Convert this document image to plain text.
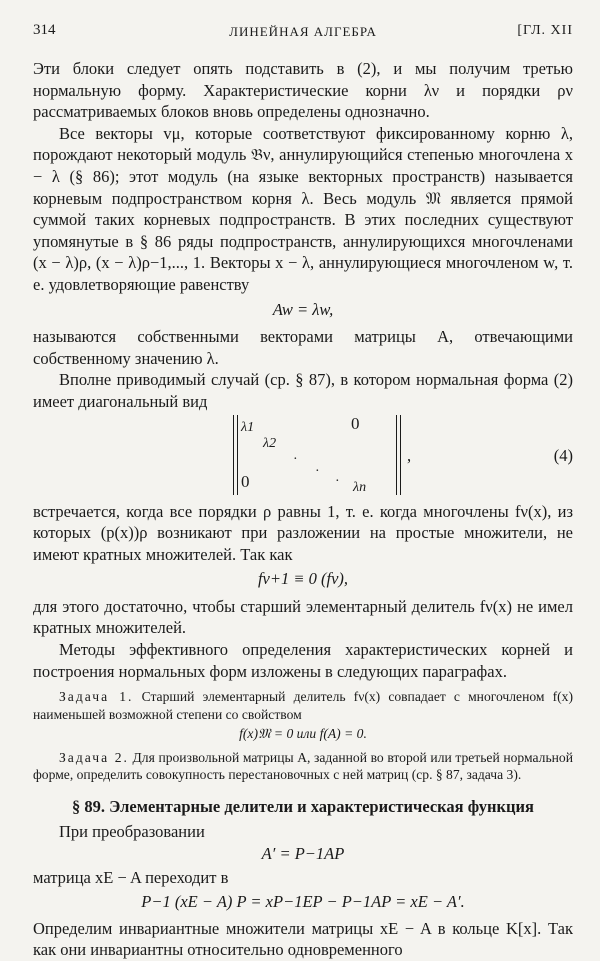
314	ЛИНЕЙНАЯ АЛГЕБРА	[ГЛ. XII

Эти блоки следует опять подставить в (2), и мы получим третью нормальную форму. Характеристические корни λν и порядки ρν рассматриваемых блоков вновь определены однозначно.

Все векторы vμ, которые соответствуют фиксированному корню λ, порождают некоторый модуль 𝔅ν, аннулирующийся степенью многочлена x − λ (§ 86); этот модуль (на языке векторных пространств) называется корневым подпространством корня λ. Весь модуль 𝔐 является прямой суммой таких корневых подпространств. В этих последних существуют упомянутые в § 86 ряды подпространств, аннулирующихся многочленами (x − λ)ρ, (x − λ)ρ−1,..., 1. Векторы x − λ, аннулирующиеся многочленом w, т. е. удовлетворяющие равенству

Aw = λw,

называются собственными векторами матрицы A, отвечающими собственному значению λ.

Вполне приводимый случай (ср. § 87), в котором нормальная форма (2) имеет диагональный вид

λ1
λ2
·
·
· λn
0
0
,	(4)

встречается, когда все порядки ρ равны 1, т. е. когда многочлены fν(x), из которых (p(x))ρ возникают при разложении на простые множители, не имеют кратных множителей. Так как

fν+1 ≡ 0 (fν),

для этого достаточно, чтобы старший элементарный делитель fν(x) не имел кратных множителей.

Методы эффективного определения характеристических корней и построения нормальных форм изложены в следующих параграфах.

Задача 1. Старший элементарный делитель fν(x) совпадает с многочленом f(x) наименьшей возможной степени со свойством

f(x)𝔐 = 0 или f(A) = 0.

Задача 2. Для произвольной матрицы A, заданной во второй или третьей нормальной форме, определить совокупность перестановочных с ней матриц (ср. § 87, задача 3).

§ 89. Элементарные делители и характеристическая функция

При преобразовании

A′ = P−1AP

матрица xE − A переходит в

P−1 (xE − A) P = xP−1EP − P−1AP = xE − A′.

Определим инвариантные множители матрицы xE − A в кольце K[x]. Так как они инвариантны относительно одновременного
